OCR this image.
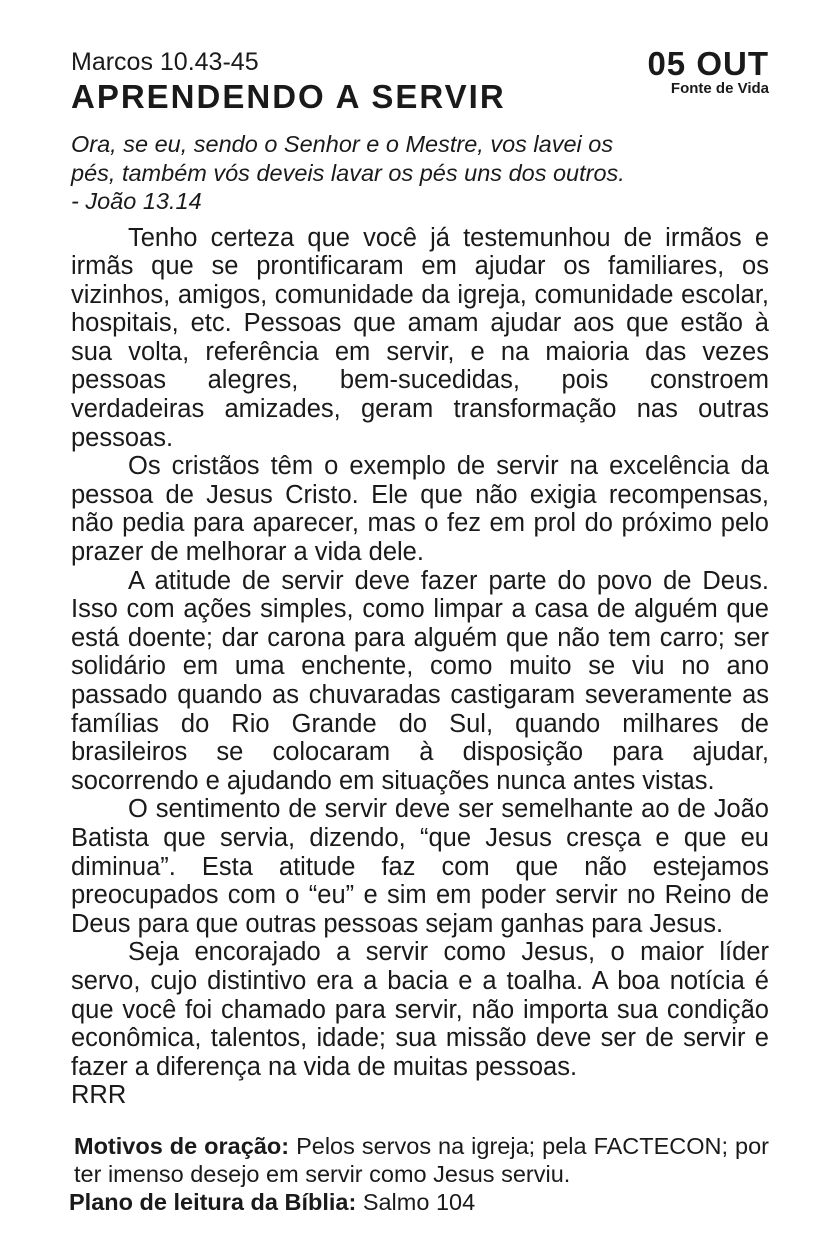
Marcos 10.43-45
APRENDENDO A SERVIR
05 OUT
Fonte de Vida
Ora, se eu, sendo o Senhor e o Mestre, vos lavei os
pés, também vós deveis lavar os pés uns dos outros.
- João 13.14

Tenho certeza que você já testemunhou de irmãos e irmãs que se prontificaram em ajudar os familiares, os vizinhos, amigos, comunidade da igreja, comunidade escolar, hospitais, etc. Pessoas que amam ajudar aos que estão à sua volta, referência em servir, e na maioria das vezes pessoas alegres, bem-sucedidas, pois constroem verdadeiras amizades, geram transformação nas outras pessoas.

Os cristãos têm o exemplo de servir na excelência da pessoa de Jesus Cristo. Ele que não exigia recompensas, não pedia para aparecer, mas o fez em prol do próximo pelo prazer de melhorar a vida dele.

A atitude de servir deve fazer parte do povo de Deus. Isso com ações simples, como limpar a casa de alguém que está doente; dar carona para alguém que não tem carro; ser solidário em uma enchente, como muito se viu no ano passado quando as chuvaradas castigaram severamente as famílias do Rio Grande do Sul, quando milhares de brasileiros se colocaram à disposição para ajudar, socorrendo e ajudando em situações nunca antes vistas.

O sentimento de servir deve ser semelhante ao de João Batista que servia, dizendo, “que Jesus cresça e que eu diminua”. Esta atitude faz com que não estejamos preocupados com o “eu” e sim em poder servir no Reino de Deus para que outras pessoas sejam ganhas para Jesus.

Seja encorajado a servir como Jesus, o maior líder servo, cujo distintivo era a bacia e a toalha. A boa notícia é que você foi chamado para servir, não importa sua condição econômica, talentos, idade; sua missão deve ser de servir e fazer a diferença na vida de muitas pessoas.

RRR
Motivos de oração: Pelos servos na igreja; pela FACTECON; por ter imenso desejo em servir como Jesus serviu.
Plano de leitura da Bíblia: Salmo 104
